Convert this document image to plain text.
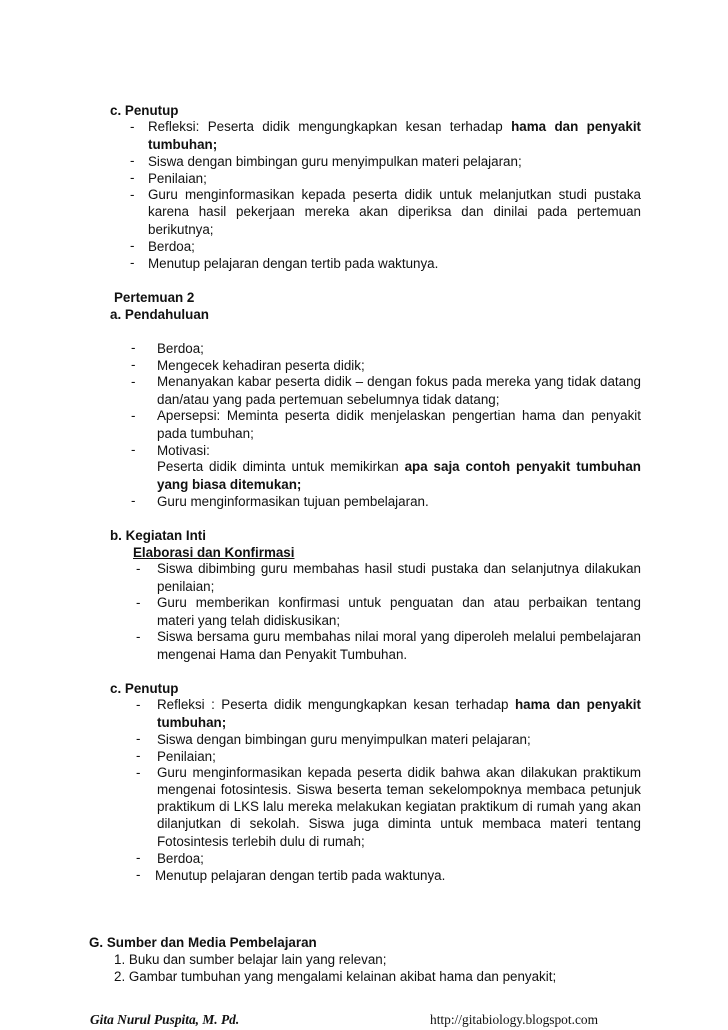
c. Penutup
- Refleksi: Peserta didik mengungkapkan kesan terhadap hama dan penyakit
tumbuhan;
- Siswa dengan bimbingan guru menyimpulkan materi pelajaran;
- Penilaian;
- Guru menginformasikan kepada peserta didik untuk melanjutkan studi pustaka
karena hasil pekerjaan mereka akan diperiksa dan dinilai pada pertemuan
berikutnya;
- Berdoa;
- Menutup pelajaran dengan tertib pada waktunya.
Pertemuan 2
a. Pendahuluan
- Berdoa;
- Mengecek kehadiran peserta didik;
- Menanyakan kabar peserta didik – dengan fokus pada mereka yang tidak datang
dan/atau yang pada pertemuan sebelumnya tidak datang;
- Apersepsi: Meminta peserta didik menjelaskan pengertian hama dan penyakit
pada tumbuhan;
- Motivasi:
Peserta didik diminta untuk memikirkan apa saja contoh penyakit tumbuhan
yang biasa ditemukan;
- Guru menginformasikan tujuan pembelajaran.
b. Kegiatan Inti
Elaborasi dan Konfirmasi
- Siswa dibimbing guru membahas hasil studi pustaka dan selanjutnya dilakukan
penilaian;
- Guru memberikan konfirmasi untuk penguatan dan atau perbaikan tentang
materi yang telah didiskusikan;
- Siswa bersama guru membahas nilai moral yang diperoleh melalui pembelajaran
mengenai Hama dan Penyakit Tumbuhan.
c. Penutup
- Refleksi : Peserta didik mengungkapkan kesan terhadap hama dan penyakit
tumbuhan;
- Siswa dengan bimbingan guru menyimpulkan materi pelajaran;
- Penilaian;
- Guru menginformasikan kepada peserta didik bahwa akan dilakukan praktikum
mengenai fotosintesis. Siswa beserta teman sekelompoknya membaca petunjuk
praktikum di LKS lalu mereka melakukan kegiatan praktikum di rumah yang akan
dilanjutkan di sekolah. Siswa juga diminta untuk membaca materi tentang
Fotosintesis terlebih dulu di rumah;
- Berdoa;
- Menutup pelajaran dengan tertib pada waktunya.
G. Sumber dan Media Pembelajaran
1. Buku dan sumber belajar lain yang relevan;
2. Gambar tumbuhan yang mengalami kelainan akibat hama dan penyakit;
Gita Nurul Puspita, M. Pd.	http://gitabiology.blogspot.com
